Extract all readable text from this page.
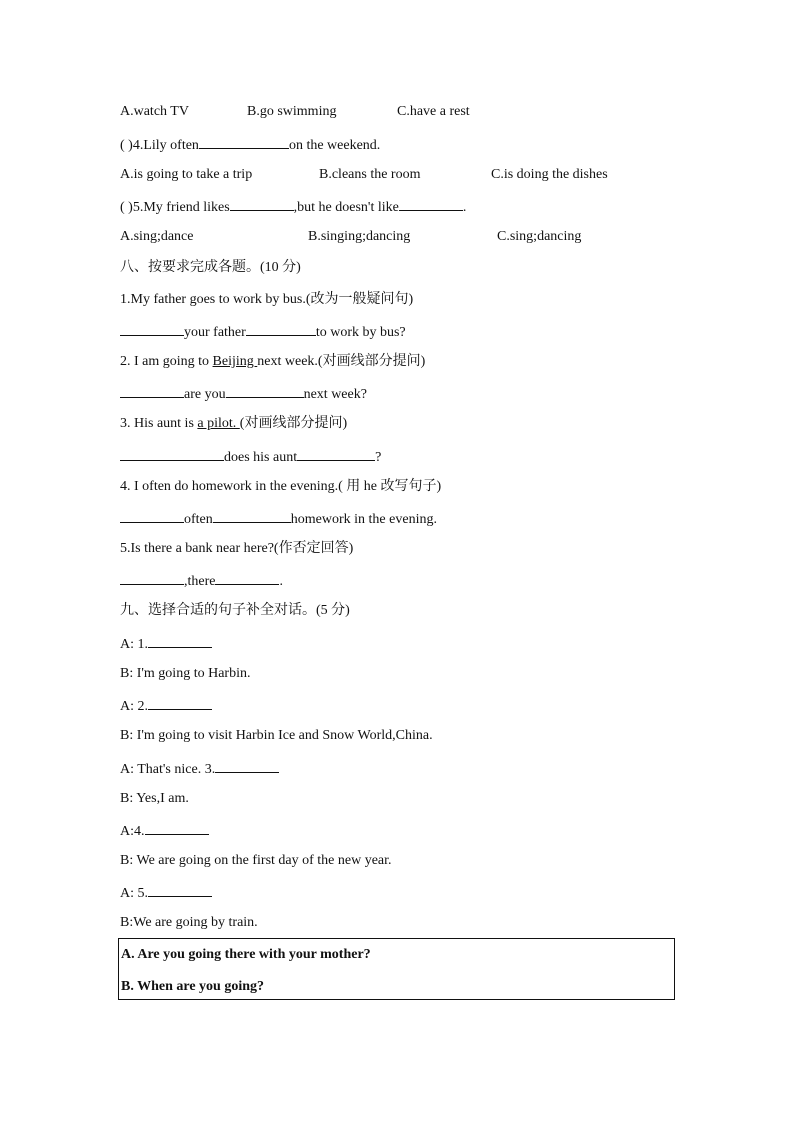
A.watch TV	B.go swimming	C.have a rest
( )4.Lily often	on the weekend.
A.is going to take a trip	B.cleans the room	C.is doing the dishes
( )5.My friend likes	,but he doesn't like	.
A.sing;dance	B.singing;dancing	C.sing;dancing
八、按要求完成各题。(10 分)
1.My father goes to work by bus.(改为一般疑问句)
your father	to work by bus?
2. I am going to Beijing next week.(对画线部分提问)
are you	next week?
3. His aunt is a pilot. (对画线部分提问)
does his aunt	?
4. I often do homework in the evening.( 用 he 改写句子)
often	homework in the evening.
5.Is there a bank near here?(作否定回答)
,there	.
九、选择合适的句子补全对话。(5 分)
A: 1.
B: I'm going to Harbin.
A: 2.
B: I'm going to visit Harbin Ice and Snow World,China.
A: That's nice. 3.
B: Yes,I am.
A:4.
B: We are going on the first day of the new year.
A: 5.
B:We are going by train.
A. Are you going there with your mother?
B. When are you going?
